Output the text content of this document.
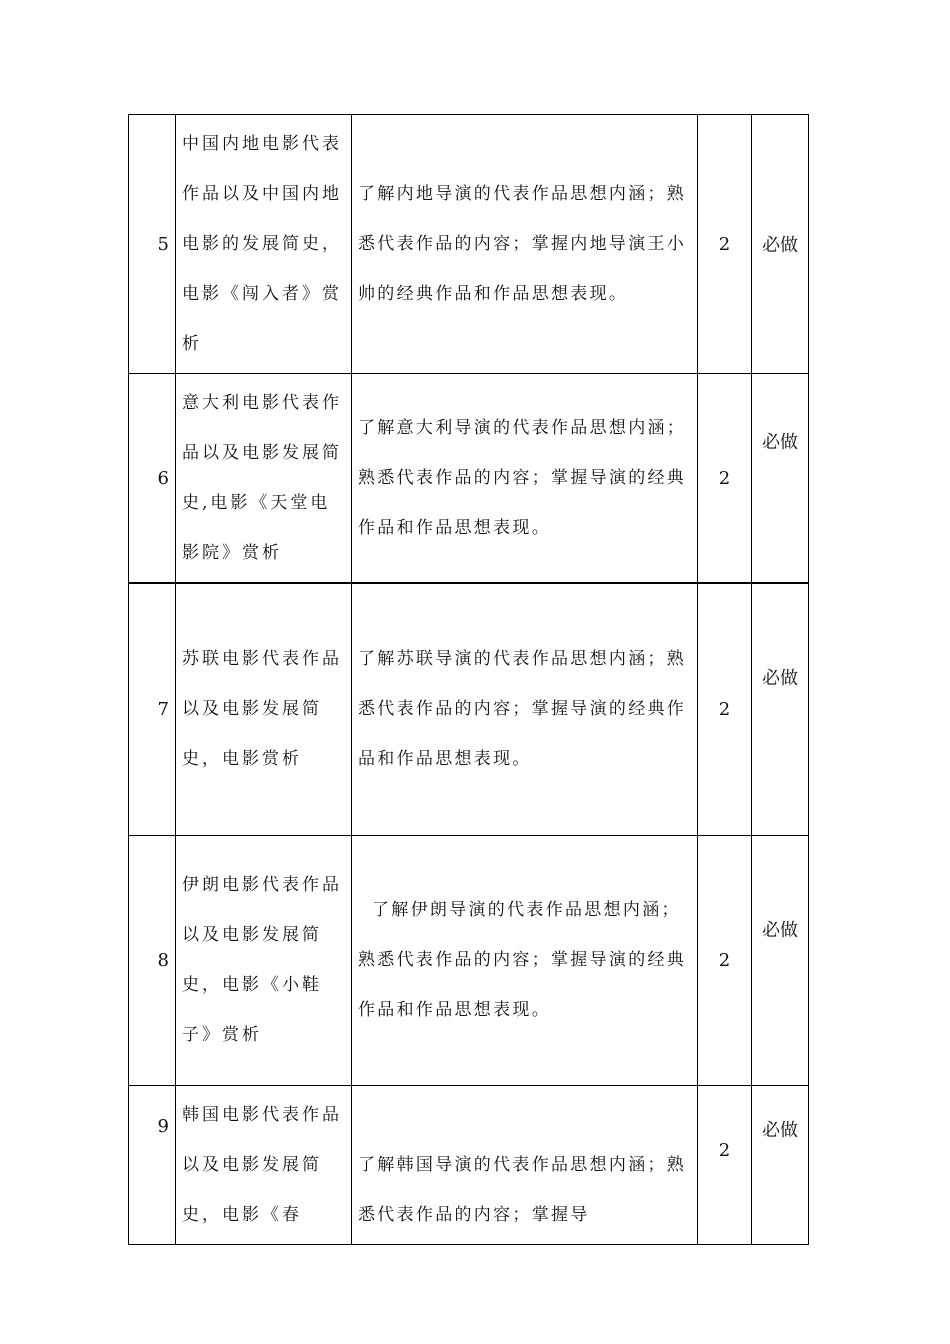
5	中国内地电影代表作品以及中国内地电影的发展简史，电影《闯入者》赏析	了解内地导演的代表作品思想内涵；熟悉代表作品的内容；掌握内地导演王小帅的经典作品和作品思想表现。	2	必做
6	意大利电影代表作品以及电影发展简史,电影《天堂电影院》赏析	了解意大利导演的代表作品思想内涵；熟悉代表作品的内容；掌握导演的经典作品和作品思想表现。	2	必做
7	苏联电影代表作品以及电影发展简史，电影赏析	了解苏联导演的代表作品思想内涵；熟悉代表作品的内容；掌握导演的经典作品和作品思想表现。	2	必做
8	伊朗电影代表作品以及电影发展简史，电影《小鞋子》赏析	了解伊朗导演的代表作品思想内涵；熟悉代表作品的内容；掌握导演的经典作品和作品思想表现。	2	必做
9	韩国电影代表作品以及电影发展简史，电影《春	了解韩国导演的代表作品思想内涵；熟悉代表作品的内容；掌握导	2	必做
